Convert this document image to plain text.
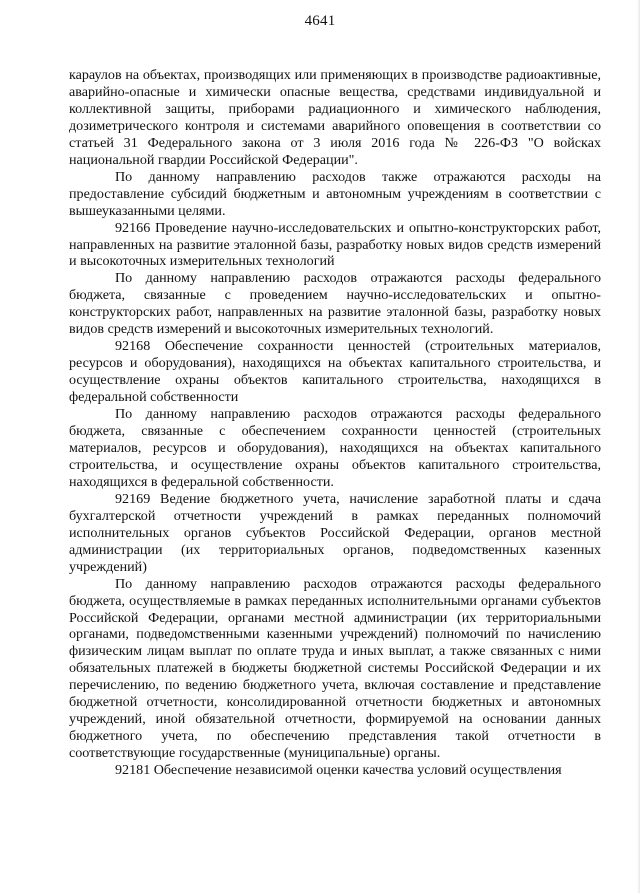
4641

караулов на объектах, производящих или применяющих в производстве радиоактивные, аварийно-опасные и химически опасные вещества, средствами индивидуальной и коллективной защиты, приборами радиационного и химического наблюдения, дозиметрического контроля и системами аварийного оповещения в соответствии со статьей 31 Федерального закона от 3 июля 2016 года № 226-ФЗ "О войсках национальной гвардии Российской Федерации".

По данному направлению расходов также отражаются расходы на предоставление субсидий бюджетным и автономным учреждениям в соответствии с вышеуказанными целями.

92166 Проведение научно-исследовательских и опытно-конструкторских работ, направленных на развитие эталонной базы, разработку новых видов средств измерений и высокоточных измерительных технологий

По данному направлению расходов отражаются расходы федерального бюджета, связанные с проведением научно-исследовательских и опытно-конструкторских работ, направленных на развитие эталонной базы, разработку новых видов средств измерений и высокоточных измерительных технологий.

92168 Обеспечение сохранности ценностей (строительных материалов, ресурсов и оборудования), находящихся на объектах капитального строительства, и осуществление охраны объектов капитального строительства, находящихся в федеральной собственности

По данному направлению расходов отражаются расходы федерального бюджета, связанные с обеспечением сохранности ценностей (строительных материалов, ресурсов и оборудования), находящихся на объектах капитального строительства, и осуществление охраны объектов капитального строительства, находящихся в федеральной собственности.

92169 Ведение бюджетного учета, начисление заработной платы и сдача бухгалтерской отчетности учреждений в рамках переданных полномочий исполнительных органов субъектов Российской Федерации, органов местной администрации (их территориальных органов, подведомственных казенных учреждений)

По данному направлению расходов отражаются расходы федерального бюджета, осуществляемые в рамках переданных исполнительными органами субъектов Российской Федерации, органами местной администрации (их территориальными органами, подведомственными казенными учреждений) полномочий по начислению физическим лицам выплат по оплате труда и иных выплат, а также связанных с ними обязательных платежей в бюджеты бюджетной системы Российской Федерации и их перечислению, по ведению бюджетного учета, включая составление и представление бюджетной отчетности, консолидированной отчетности бюджетных и автономных учреждений, иной обязательной отчетности, формируемой на основании данных бюджетного учета, по обеспечению представления такой отчетности в соответствующие государственные (муниципальные) органы.

92181 Обеспечение независимой оценки качества условий осуществления
